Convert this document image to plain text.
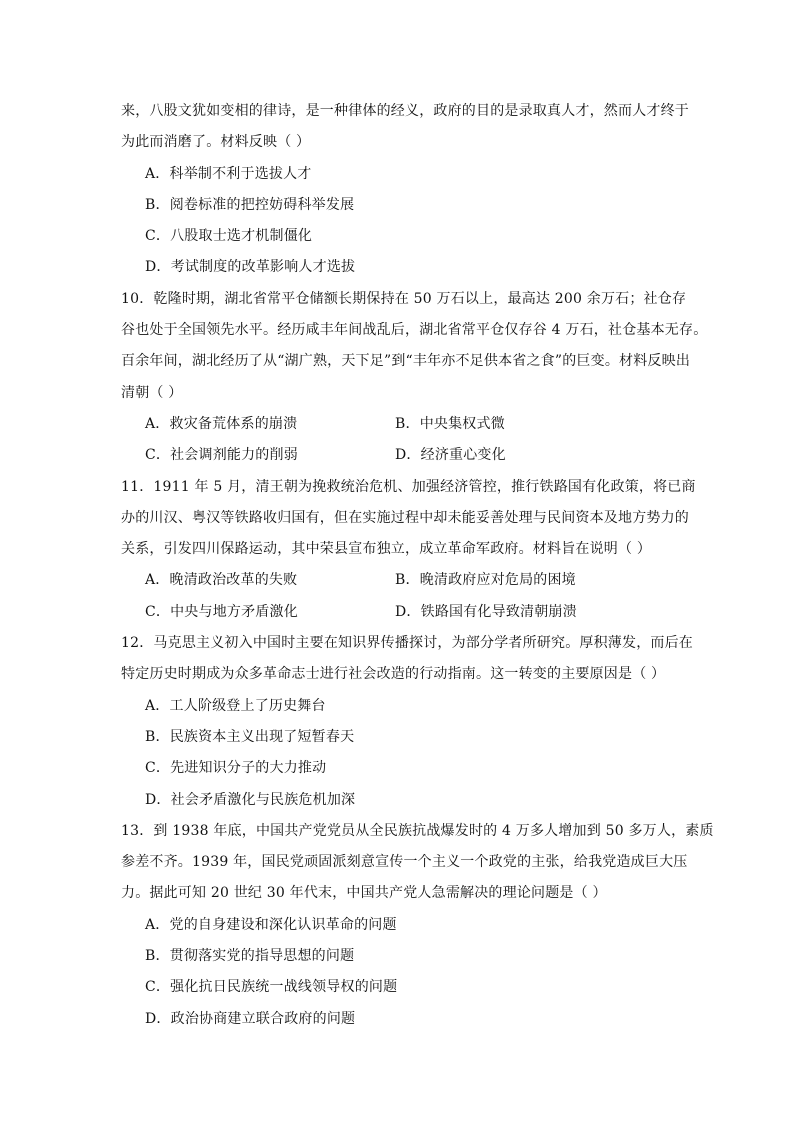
来，八股文犹如变相的律诗，是一种律体的经义，政府的目的是录取真人才，然而人才终于
为此而消磨了。材料反映（ ）
A．科举制不利于选拔人才
B．阅卷标准的把控妨碍科举发展
C．八股取士选才机制僵化
D．考试制度的改革影响人才选拔
10．乾隆时期，湖北省常平仓储额长期保持在 50 万石以上，最高达 200 余万石；社仓存
谷也处于全国领先水平。经历咸丰年间战乱后，湖北省常平仓仅存谷 4 万石，社仓基本无存。
百余年间，湖北经历了从“湖广熟，天下足”到“丰年亦不足供本省之食”的巨变。材料反映出
清朝（ ）
A．救灾备荒体系的崩溃	B．中央集权式微
C．社会调剂能力的削弱	D．经济重心变化
11．1911 年 5 月，清王朝为挽救统治危机、加强经济管控，推行铁路国有化政策，将已商
办的川汉、粤汉等铁路收归国有，但在实施过程中却未能妥善处理与民间资本及地方势力的
关系，引发四川保路运动，其中荣县宣布独立，成立革命军政府。材料旨在说明（ ）
A．晚清政治改革的失败	B．晚清政府应对危局的困境
C．中央与地方矛盾激化	D．铁路国有化导致清朝崩溃
12．马克思主义初入中国时主要在知识界传播探讨，为部分学者所研究。厚积薄发，而后在
特定历史时期成为众多革命志士进行社会改造的行动指南。这一转变的主要原因是（ ）
A．工人阶级登上了历史舞台
B．民族资本主义出现了短暂春天
C．先进知识分子的大力推动
D．社会矛盾激化与民族危机加深
13．到 1938 年底，中国共产党党员从全民族抗战爆发时的 4 万多人增加到 50 多万人，素质
参差不齐。1939 年，国民党顽固派刻意宣传一个主义一个政党的主张，给我党造成巨大压
力。据此可知 20 世纪 30 年代末，中国共产党人急需解决的理论问题是（ ）
A．党的自身建设和深化认识革命的问题
B．贯彻落实党的指导思想的问题
C．强化抗日民族统一战线领导权的问题
D．政治协商建立联合政府的问题
